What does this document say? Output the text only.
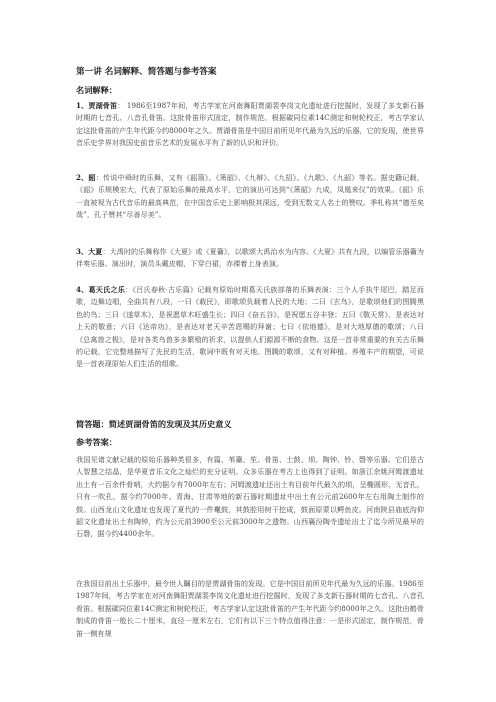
第一讲 名词解释、简答题与参考答案
名词解释：
1、贾湖骨笛： 1986至1987年间，考古学家在河南舞阳贾湖裴李岗文化遗址进行挖掘时，发现了多支新石器时期的七音孔、八音孔骨笛。这批骨笛形式固定，制作规范。根据碳同位素14C测定和树轮校正，考古学家认定这批骨笛的产生年代距今约8000年之久。贾湖骨笛是中国目前所见年代最为久远的乐器，它的发现，使世界音乐史学界对我国史前音乐艺术的发展水平有了新的认识和评价。
2、韶：传说中舜时的乐舞，又有《韶箾》、《箫韶》、《九辩》、《九招》、《九歌》、《九韶》等名。据史籍记载，《韶》乐规模宏大，代表了原始乐舞的最高水平，它的演出可达到“《箫韶》九成，凤凰来仪”的效果。《韶》乐一直被视为古代音乐的最高典范，在中国音乐史上影响极其深远，受到无数文人名士的赞叹。季札称其“德至矣哉”，孔子赞其“尽善尽美”。
3、大夏：大禹时的乐舞称作《大夏》或《夏籥》，以歌颂大禹治水为内容。《大夏》共有九段，以编管乐器籥为伴奏乐器。演出时，演员头戴皮帽，下穿白裙，赤裸着上身表演。
4、葛天氏之乐：《吕氏春秋·古乐篇》记载有原始时期葛天氏族部落的乐舞表演：三个人手执牛尾巴，踏足而歌，边舞边唱，全曲共有八段，一曰《载民》，即歌颂负载着人民的大地；二曰《玄鸟》，是歌颂他们的图腾黑色的鸟；三曰《遂草木》，是祝愿草木旺盛生长；四曰《奋五谷》，是祝愿五谷丰登；五曰《敬天常》，是表达对上天的敬意；六曰《达帝功》，是表达对老天辛苦恩赐的拜谢；七曰《依地德》，是对大地厚德的歌颂；八曰《总禽兽之极》，是对各类鸟兽多多繁殖的祈求，以提供人们源源不断的食物。这是一首非常重要的有关古乐舞的记载，它完整地描写了先民的生活，歌词中既有对天地、图腾的歌颂，又有对种植、养殖丰产的期望，可说是一首表现原始人们生活的组歌。
简答题：简述贾湖骨笛的发现及其历史意义
参考答案：
我国见诸文献记载的原始乐器种类很多，有篇、苇籥、笙、骨笛、土鼓、埙、陶钟、铃、磬等乐器。它们是古人智慧之结晶，是华夏音乐文化之灿烂的充分证明。众多乐器在考古上也得到了证明。如浙江余姚河姆渡遗址出土有一百余件骨哨，大约据今有7000年左右；河姆渡遗址还出土有目前年代最久的埙，呈椭圆形，无音孔，只有一吹孔，据今约7000年。青海、甘肃等地的新石器时期遗址中出土有公元前2600年左右用陶土制作的鼓。山西龙山文化遗址也发现了夏代的一件鼍鼓，其鼓腔用树干挖成，鼓面原蒙以鳄鱼皮。河南陕县庙底沟仰韶文化遗址出土有陶钟，约为公元前3900至公元前3000年之遗物。山西襄汾陶寺遗址出土了迄今所见最早的石磬，据今约4400余年。
在我国目前出土乐器中，最令世人瞩目的是贾湖骨笛的发现。它是中国目前所见年代最为久远的乐器。1986至1987年间，考古学家在对河南舞阳贾湖裴李岗文化遗址进行挖掘时，发现了多支新石器时期的七音孔、八音孔骨笛。根据碳同位素14C测定和树轮校正，考古学家认定这批骨笛的产生年代距今约8000年之久。这批由鹤骨制成的骨笛一般长二十厘米，直径一厘米左右，它们有以下三个特点值得注意：一是形式固定，制作规范，骨笛一侧有规
